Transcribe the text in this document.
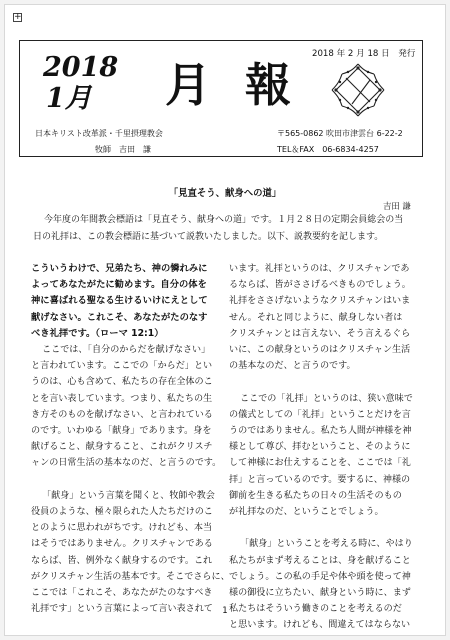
+
2018 年 2 月 18 日　発行
2018
1月 月報
日本キリスト改革派・千里摂理教会
牧師　吉田　謙
〒565-0862 吹田市津雲台 6-22-2
TEL＆FAX　06-6834-4257
「見直そう、献身への道」
吉田 謙
今年度の年間教会標語は「見直そう、献身への道」です。１月２８日の定期会員総会の当
日の礼拝は、この教会標語に基づいて説教いたしました。以下、説教要約を記します。
こういうわけで、兄弟たち、神の憐れみに
よってあなたがたに勧めます。自分の体を
神に喜ばれる聖なる生けるいけにえとして
献げなさい。これこそ、あなたがたのなす
べき礼拝です。（ローマ 12:1）
ここでは、「自分のからだを献げなさい」
と言われています。ここでの「からだ」とい
うのは、心も含めて、私たちの存在全体のこ
とを言い表しています。つまり、私たちの生
き方そのものを献げなさい、と言われている
のです。いわゆる「献身」であります。身を
献げること、献身すること、これがクリスチ
ャンの日常生活の基本なのだ、と言うのです。
「献身」という言葉を聞くと、牧師や教会
役員のような、極々限られた人たちだけのこ
とのように思われがちです。けれども、本当
はそうではありません。クリスチャンである
ならば、皆、例外なく献身するのです。これ
がクリスチャン生活の基本です。そこでさらに、
ここでは「これこそ、あなたがたのなすべき
礼拝です」という言葉によって言い表されて
います。礼拝というのは、クリスチャンであ
るならば、皆がささげるべきものでしょう。
礼拝をささげないようなクリスチャンはいま
せん。それと同じように、献身しない者は
クリスチャンとは言えない、そう言えるぐら
いに、この献身というのはクリスチャン生活
の基本なのだ、と言うのです。
ここでの「礼拝」というのは、狭い意味で
の儀式としての「礼拝」ということだけを言
うのではありません。私たち人間が神様を神
様として尊び、拝むということ、そのように
して神様にお仕えすることを、ここでは「礼
拝」と言っているのです。要するに、神様の
御前を生きる私たちの日々の生活そのもの
が礼拝なのだ、ということでしょう。
「献身」ということを考える時に、やはり
私たちがまず考えることは、身を献げること
でしょう。この私の手足や体や頭を使って神
様の御役に立ちたい、献身という時に、まず
私たちはそういう働きのことを考えるのだ
と思います。けれども、間違えてはならない
1
